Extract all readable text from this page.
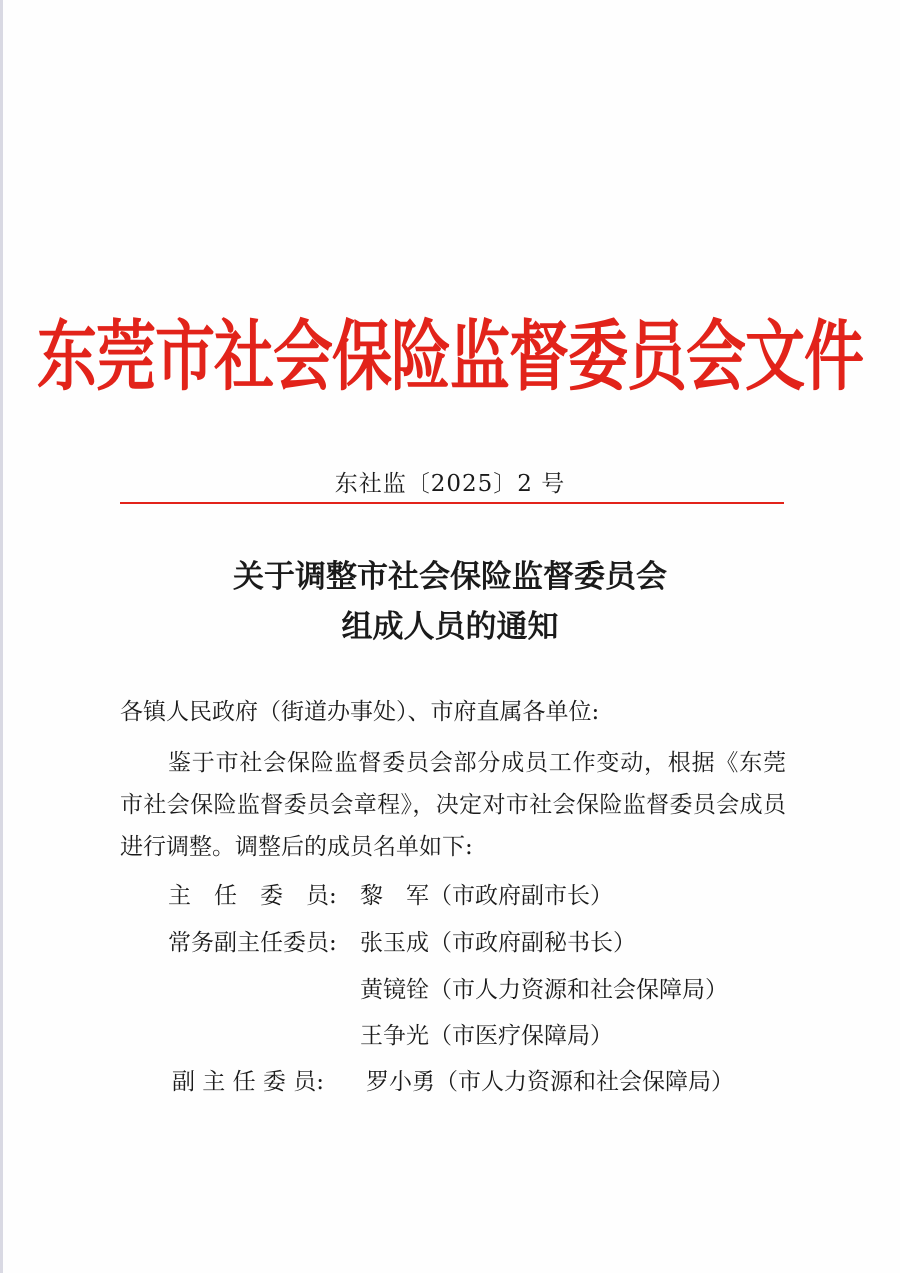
东莞市社会保险监督委员会文件
东社监〔2025〕2 号
关于调整市社会保险监督委员会
组成人员的通知
各镇人民政府（街道办事处）、市府直属各单位:
鉴于市社会保险监督委员会部分成员工作变动，根据《东莞市社会保险监督委员会章程》，决定对市社会保险监督委员会成员进行调整。调整后的成员名单如下:
主　任　委　员: 黎　军（市政府副市长）
常务副主任委员: 张玉成（市政府副秘书长）
黄镜铨（市人力资源和社会保障局）
王争光（市医疗保障局）
副 主 任 委 员: 罗小勇（市人力资源和社会保障局）
